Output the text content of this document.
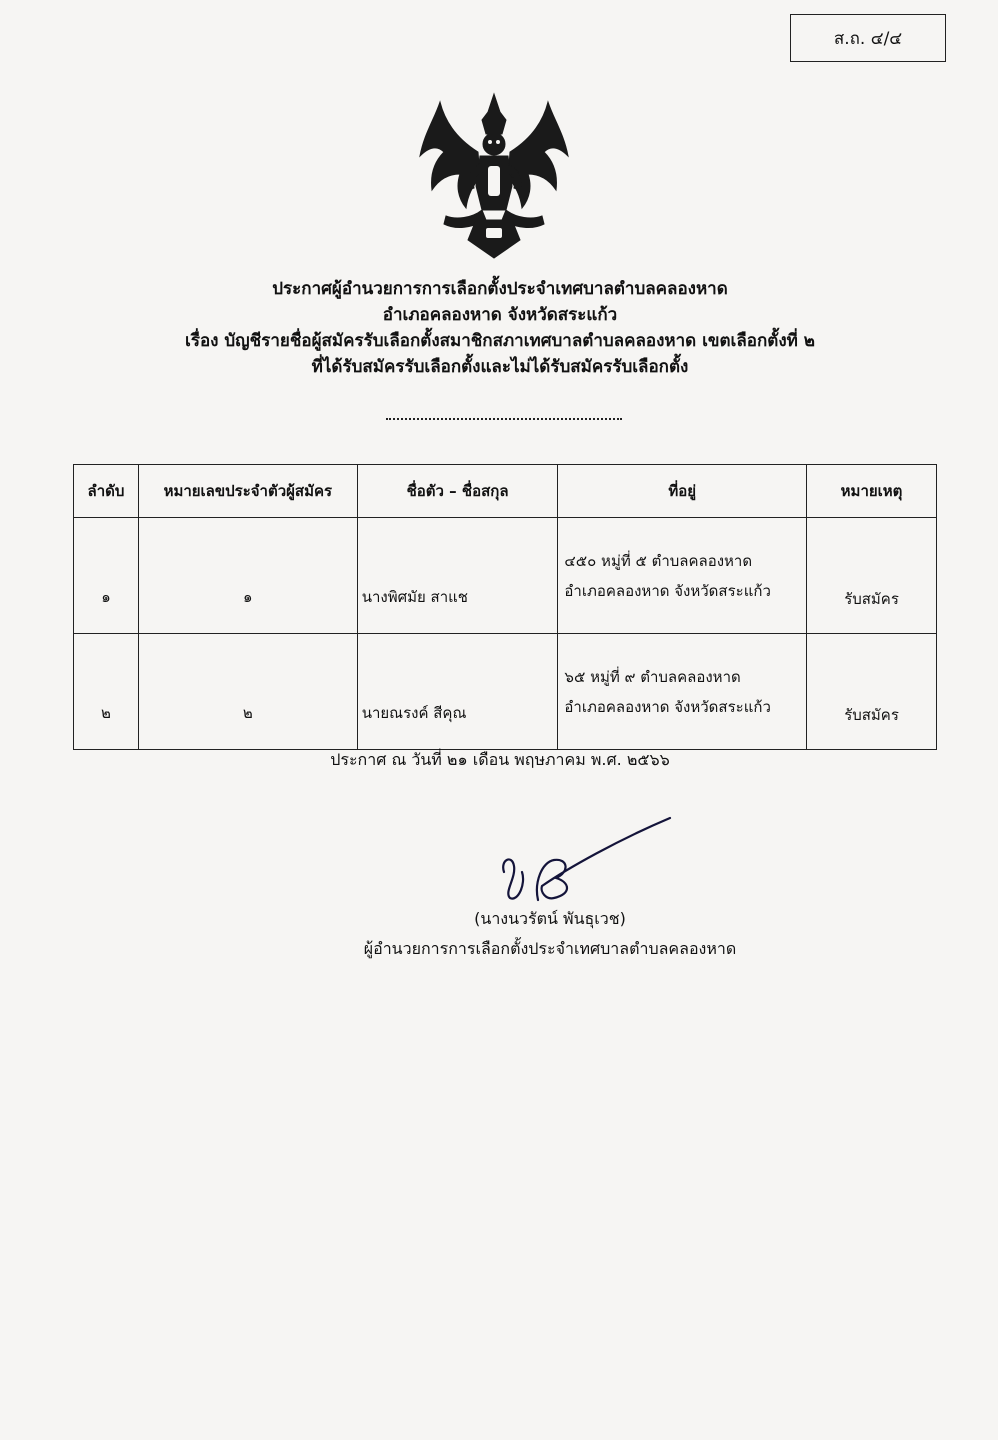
ส.ถ. ๔/๔
ประกาศผู้อำนวยการการเลือกตั้งประจำเทศบาลตำบลคลองหาด
อำเภอคลองหาด จังหวัดสระแก้ว
เรื่อง บัญชีรายชื่อผู้สมัครรับเลือกตั้งสมาชิกสภาเทศบาลตำบลคลองหาด เขตเลือกตั้งที่ ๒
ที่ได้รับสมัครรับเลือกตั้งและไม่ได้รับสมัครรับเลือกตั้ง
ลำดับ	หมายเลขประจำตัวผู้สมัคร	ชื่อตัว – ชื่อสกุล	ที่อยู่	หมายเหตุ
๑	๑	นางพิศมัย สาแช	๔๕๐ หมู่ที่ ๕ ตำบลคลองหาด
อำเภอคลองหาด จังหวัดสระแก้ว	รับสมัคร
๒	๒	นายณรงค์ สีคุณ	๖๕ หมู่ที่ ๙ ตำบลคลองหาด
อำเภอคลองหาด จังหวัดสระแก้ว	รับสมัคร
ประกาศ ณ วันที่ ๒๑ เดือน พฤษภาคม พ.ศ. ๒๕๖๖
(นางนวรัตน์ พันธุเวช)
ผู้อำนวยการการเลือกตั้งประจำเทศบาลตำบลคลองหาด
